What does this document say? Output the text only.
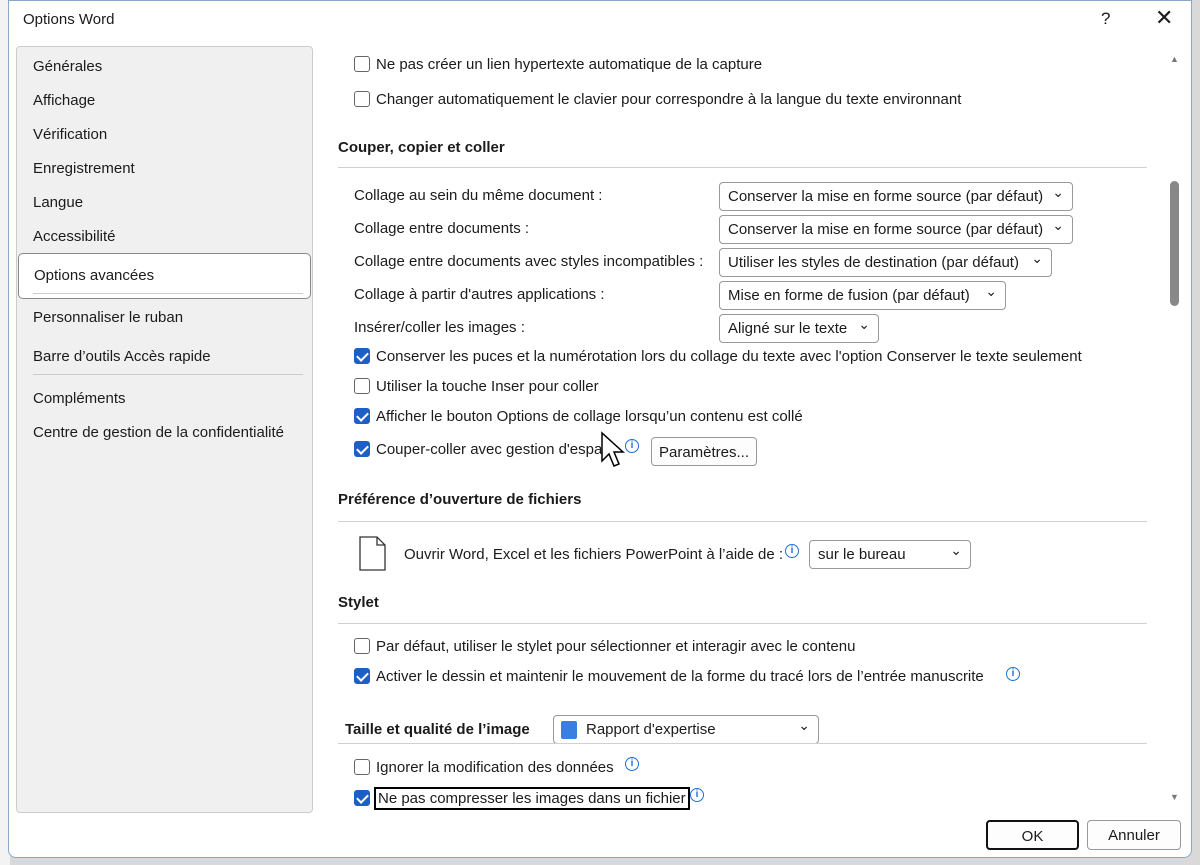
Options Word	? ✕
Générales
Affichage
Vérification
Enregistrement
Langue
Accessibilité
Options avancées
Personnaliser le ruban
Barre d’outils Accès rapide
Compléments
Centre de gestion de la confidentialité
Ne pas créer un lien hypertexte automatique de la capture
Changer automatiquement le clavier pour correspondre à la langue du texte environnant
Couper, copier et coller
Collage au sein du même document :	Conserver la mise en forme source (par défaut) ⌄
Collage entre documents :	Conserver la mise en forme source (par défaut) ⌄
Collage entre documents avec styles incompatibles :	Utiliser les styles de destination (par défaut) ⌄
Collage à partir d'autres applications :	Mise en forme de fusion (par défaut) ⌄
Insérer/coller les images :	Aligné sur le texte ⌄
Conserver les puces et la numérotation lors du collage du texte avec l'option Conserver le texte seulement
Utiliser la touche Inser pour coller
Afficher le bouton Options de collage lorsqu’un contenu est collé
Couper-coller avec gestion d'espa	i	Paramètres...
Préférence d’ouverture de fichiers
Ouvrir Word, Excel et les fichiers PowerPoint à l’aide de : i	sur le bureau ⌄
Stylet
Par défaut, utiliser le stylet pour sélectionner et interagir avec le contenu
Activer le dessin et maintenir le mouvement de la forme du tracé lors de l’entrée manuscrite	i
Taille et qualité de l’image	Rapport d'expertise ⌄
Ignorer la modification des données	i
Ne pas compresser les images dans un fichier i
▲
▼
OK	Annuler
